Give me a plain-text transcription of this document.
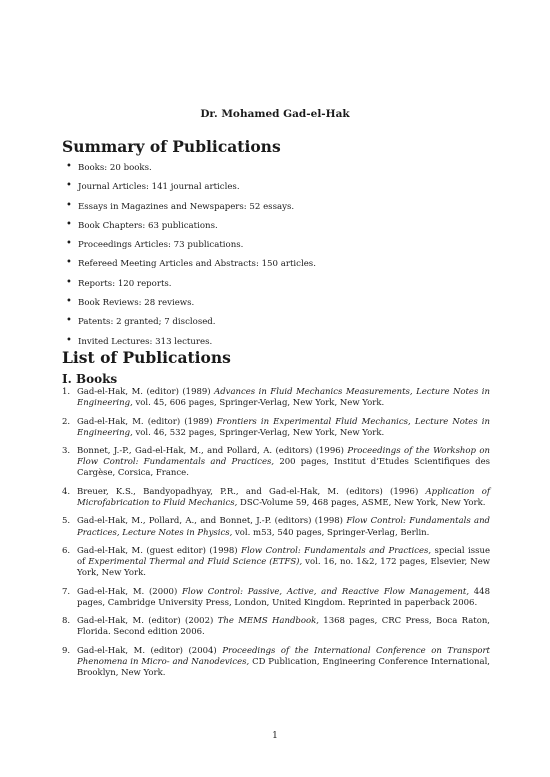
Dr. Mohamed Gad-el-Hak
Summary of Publications
• Books: 20 books.
• Journal Articles: 141 journal articles.
• Essays in Magazines and Newspapers: 52 essays.
• Book Chapters: 63 publications.
• Proceedings Articles: 73 publications.
• Refereed Meeting Articles and Abstracts: 150 articles.
• Reports: 120 reports.
• Book Reviews: 28 reviews.
• Patents: 2 granted; 7 disclosed.
• Invited Lectures: 313 lectures.
List of Publications
I. Books
1. Gad-el-Hak, M. (editor) (1989) Advances in Fluid Mechanics Measurements, Lecture Notes in Engineering, vol. 45, 606 pages, Springer-Verlag, New York, New York.
2. Gad-el-Hak, M. (editor) (1989) Frontiers in Experimental Fluid Mechanics, Lecture Notes in Engineering, vol. 46, 532 pages, Springer-Verlag, New York, New York.
3. Bonnet, J.-P., Gad-el-Hak, M., and Pollard, A. (editors) (1996) Proceedings of the Workshop on Flow Control: Fundamentals and Practices, 200 pages, Institut d’Etudes Scientifiques des Cargèse, Corsica, France.
4. Breuer, K.S., Bandyopadhyay, P.R., and Gad-el-Hak, M. (editors) (1996) Application of Microfabrication to Fluid Mechanics, DSC-Volume 59, 468 pages, ASME, New York, New York.
5. Gad-el-Hak, M., Pollard, A., and Bonnet, J.-P. (editors) (1998) Flow Control: Fundamentals and Practices, Lecture Notes in Physics, vol. m53, 540 pages, Springer-Verlag, Berlin.
6. Gad-el-Hak, M. (guest editor) (1998) Flow Control: Fundamentals and Practices, special issue of Experimental Thermal and Fluid Science (ETFS), vol. 16, no. 1&2, 172 pages, Elsevier, New York, New York.
7. Gad-el-Hak, M. (2000) Flow Control: Passive, Active, and Reactive Flow Management, 448 pages, Cambridge University Press, London, United Kingdom. Reprinted in paperback 2006.
8. Gad-el-Hak, M. (editor) (2002) The MEMS Handbook, 1368 pages, CRC Press, Boca Raton, Florida. Second edition 2006.
9. Gad-el-Hak, M. (editor) (2004) Proceedings of the International Conference on Transport Phenomena in Micro- and Nanodevices, CD Publication, Engineering Conference International, Brooklyn, New York.
1
